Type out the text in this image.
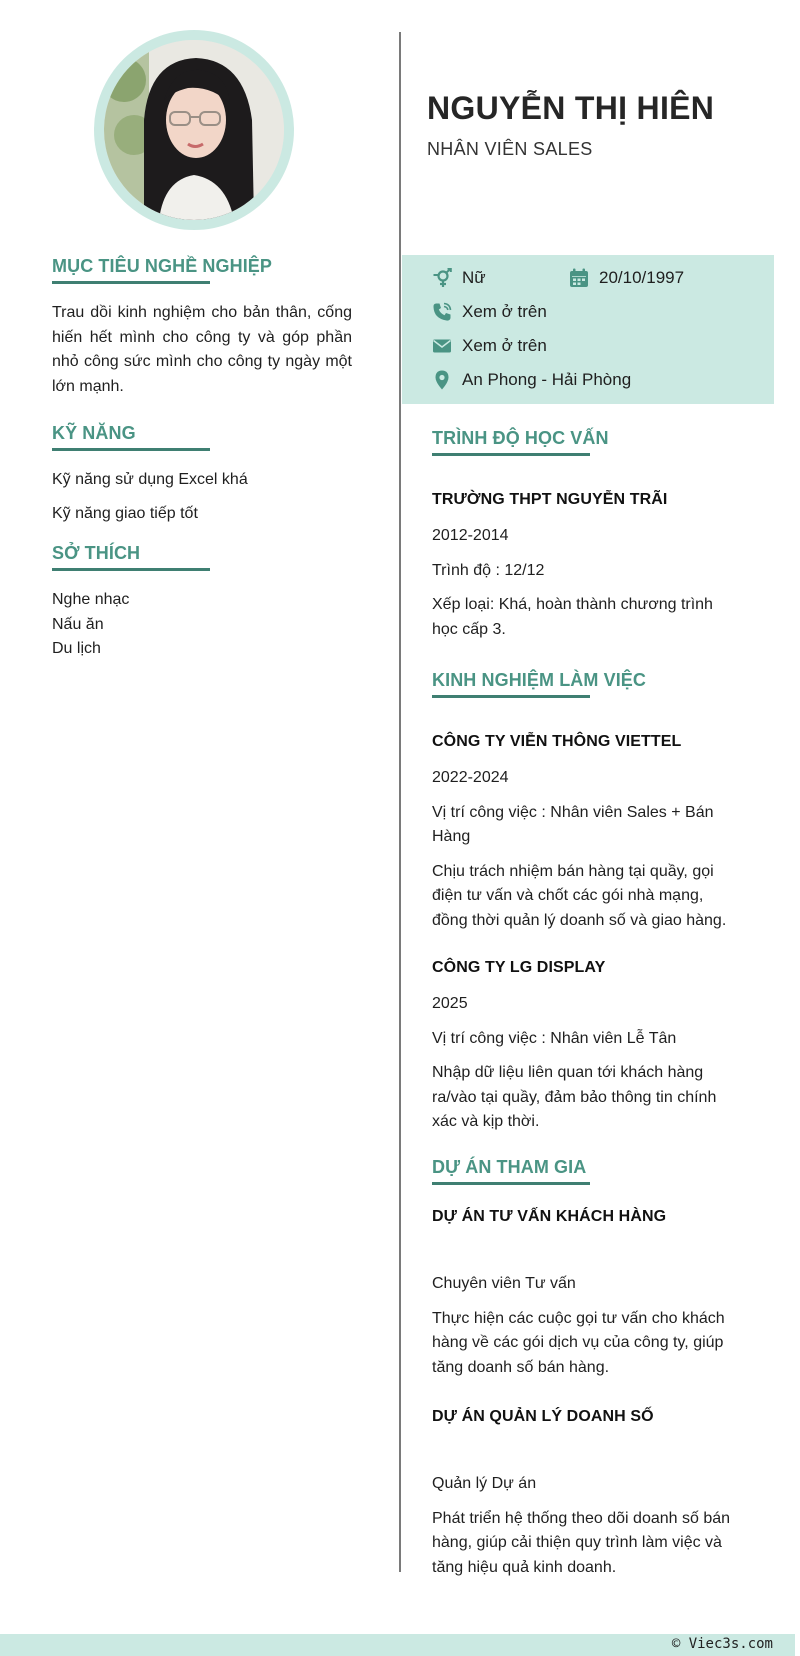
MỤC TIÊU NGHỀ NGHIỆP

Trau dồi kinh nghiệm cho bản thân, cống hiến hết mình cho công ty và góp phần nhỏ công sức mình cho công ty ngày một lớn mạnh.

KỸ NĂNG
Kỹ năng sử dụng Excel khá
Kỹ năng giao tiếp tốt
SỞ THÍCH
Nghe nhạc
Nấu ăn
Du lịch
NGUYỄN THỊ HIÊN
NHÂN VIÊN SALES
Nữ	20/10/1997
Xem ở trên
Xem ở trên
An Phong - Hải Phòng
TRÌNH ĐỘ HỌC VẤN
TRƯỜNG THPT NGUYỄN TRÃI
2012-2014
Trình độ : 12/12
Xếp loại: Khá, hoàn thành chương trình
học cấp 3.
KINH NGHIỆM LÀM VIỆC
CÔNG TY VIỄN THÔNG VIETTEL
2022-2024
Vị trí công việc : Nhân viên Sales + Bán
Hàng
Chịu trách nhiệm bán hàng tại quầy, gọi
điện tư vấn và chốt các gói nhà mạng,
đồng thời quản lý doanh số và giao hàng.
CÔNG TY LG DISPLAY
2025
Vị trí công việc : Nhân viên Lễ Tân
Nhập dữ liệu liên quan tới khách hàng
ra/vào tại quầy, đảm bảo thông tin chính
xác và kịp thời.
DỰ ÁN THAM GIA
DỰ ÁN TƯ VẤN KHÁCH HÀNG
Chuyên viên Tư vấn
Thực hiện các cuộc gọi tư vấn cho khách
hàng về các gói dịch vụ của công ty, giúp
tăng doanh số bán hàng.
DỰ ÁN QUẢN LÝ DOANH SỐ
Quản lý Dự án
Phát triển hệ thống theo dõi doanh số bán
hàng, giúp cải thiện quy trình làm việc và
tăng hiệu quả kinh doanh.
© Viec3s.com
